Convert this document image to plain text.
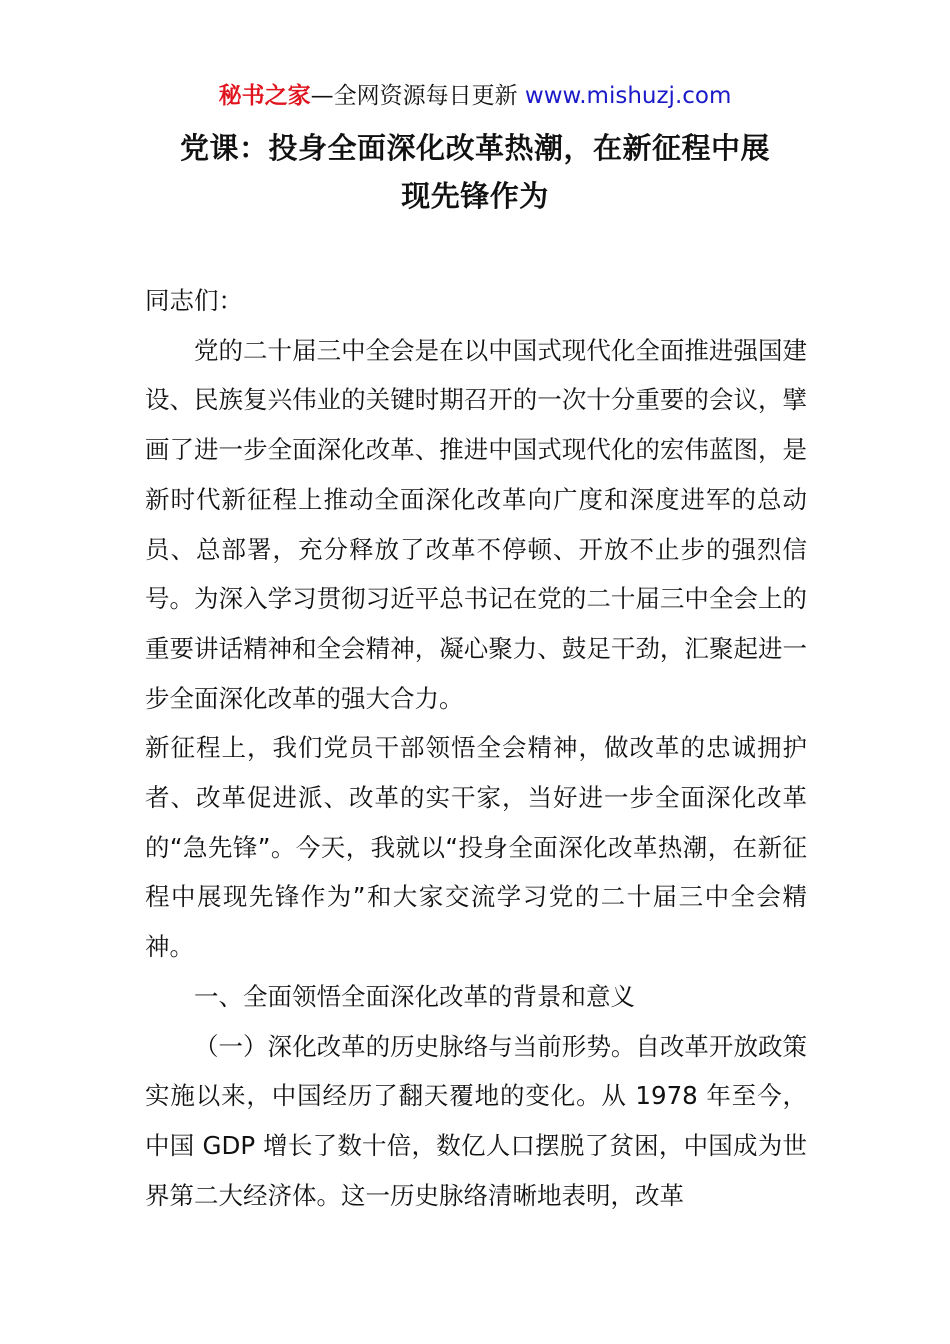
秘书之家—全网资源每日更新 www.mishuzj.com
党课：投身全面深化改革热潮，在新征程中展
现先锋作为

同志们：

党的二十届三中全会是在以中国式现代化全面推进强国建设、民族复兴伟业的关键时期召开的一次十分重要的会议，擘画了进一步全面深化改革、推进中国式现代化的宏伟蓝图，是新时代新征程上推动全面深化改革向广度和深度进军的总动员、总部署，充分释放了改革不停顿、开放不止步的强烈信号。为深入学习贯彻习近平总书记在党的二十届三中全会上的重要讲话精神和全会精神，凝心聚力、鼓足干劲，汇聚起进一步全面深化改革的强大合力。

新征程上，我们党员干部领悟全会精神，做改革的忠诚拥护者、改革促进派、改革的实干家，当好进一步全面深化改革的“急先锋”。今天，我就以“投身全面深化改革热潮，在新征程中展现先锋作为”和大家交流学习党的二十届三中全会精神。

一、全面领悟全面深化改革的背景和意义

（一）深化改革的历史脉络与当前形势。自改革开放政策实施以来，中国经历了翻天覆地的变化。从 1978 年至今，中国 GDP 增长了数十倍，数亿人口摆脱了贫困，中国成为世界第二大经济体。这一历史脉络清晰地表明，改革
